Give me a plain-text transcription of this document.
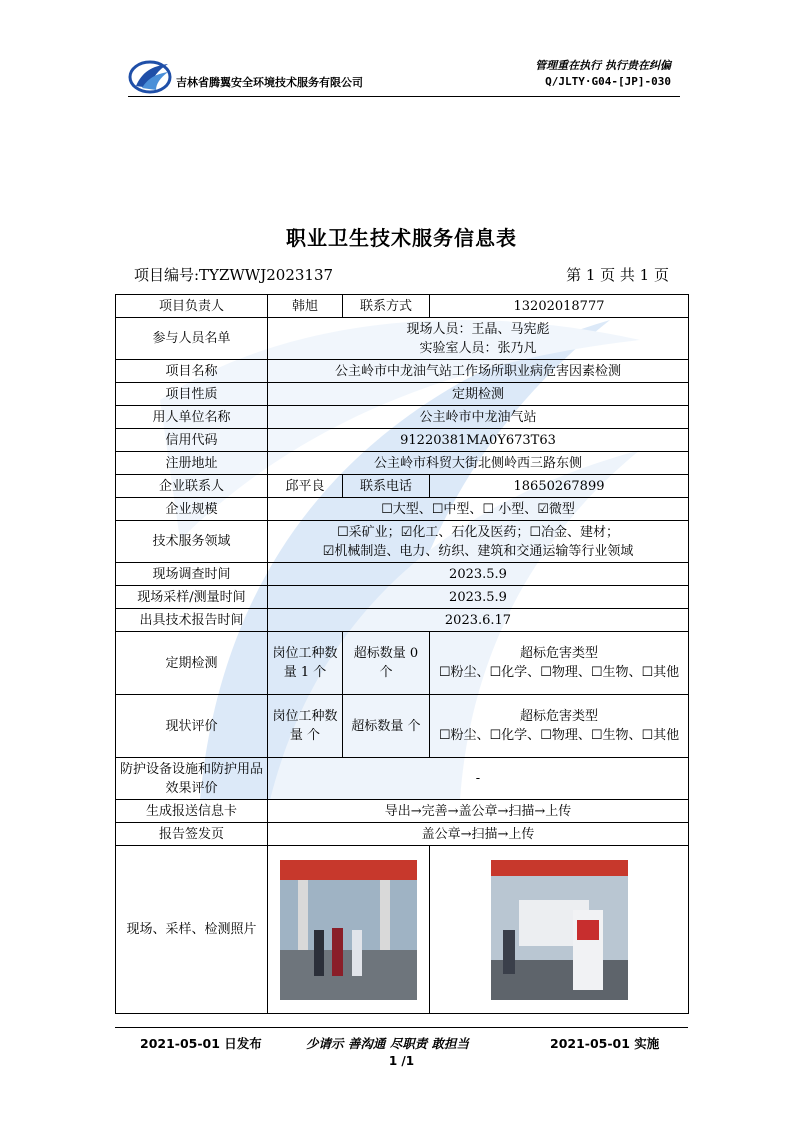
吉林省腾翼安全环境技术服务有限公司
管理重在执行 执行贵在纠偏
Q/JLTY·G04-[JP]-030
职业卫生技术服务信息表
项目编号:TYZWWJ2023137	第 1 页 共 1 页
项目负责人	韩旭	联系方式	13202018777
参与人员名单	现场人员：王晶、马宪彪
实验室人员：张乃凡		

项目名称	公主岭市中龙油气站工作场所职业病危害因素检测		
项目性质	定期检测		
用人单位名称	公主岭市中龙油气站		
信用代码	91220381MA0Y673T63		
注册地址	公主岭市科贸大街北侧岭西三路东侧		
企业联系人	邱平良	联系电话	18650267899
企业规模	☐大型、☐中型、☐ 小型、☑微型		
技术服务领域	☐采矿业；☑化工、石化及医药；☐冶金、建材；
☑机械制造、电力、纺织、建筑和交通运输等行业领域		

现场调查时间	2023.5.9		
现场采样/测量时间	2023.5.9		
出具技术报告时间	2023.6.17		
定期检测	岗位工种数量 1 个	超标数量 0 个	超标危害类型
☐粉尘、☐化学、☐物理、☐生物、☐其他

现状评价	岗位工种数量 个	超标数量 个	超标危害类型
☐粉尘、☐化学、☐物理、☐生物、☐其他

防护设备设施和防护用品效果评价	-		
生成报送信息卡	导出→完善→盖公章→扫描→上传		
报告签发页	盖公章→扫描→上传		
现场、采样、检测照片	

2021-05-01 日发布	少请示 善沟通 尽职责 敢担当	2021-05-01 实施
1 /1
